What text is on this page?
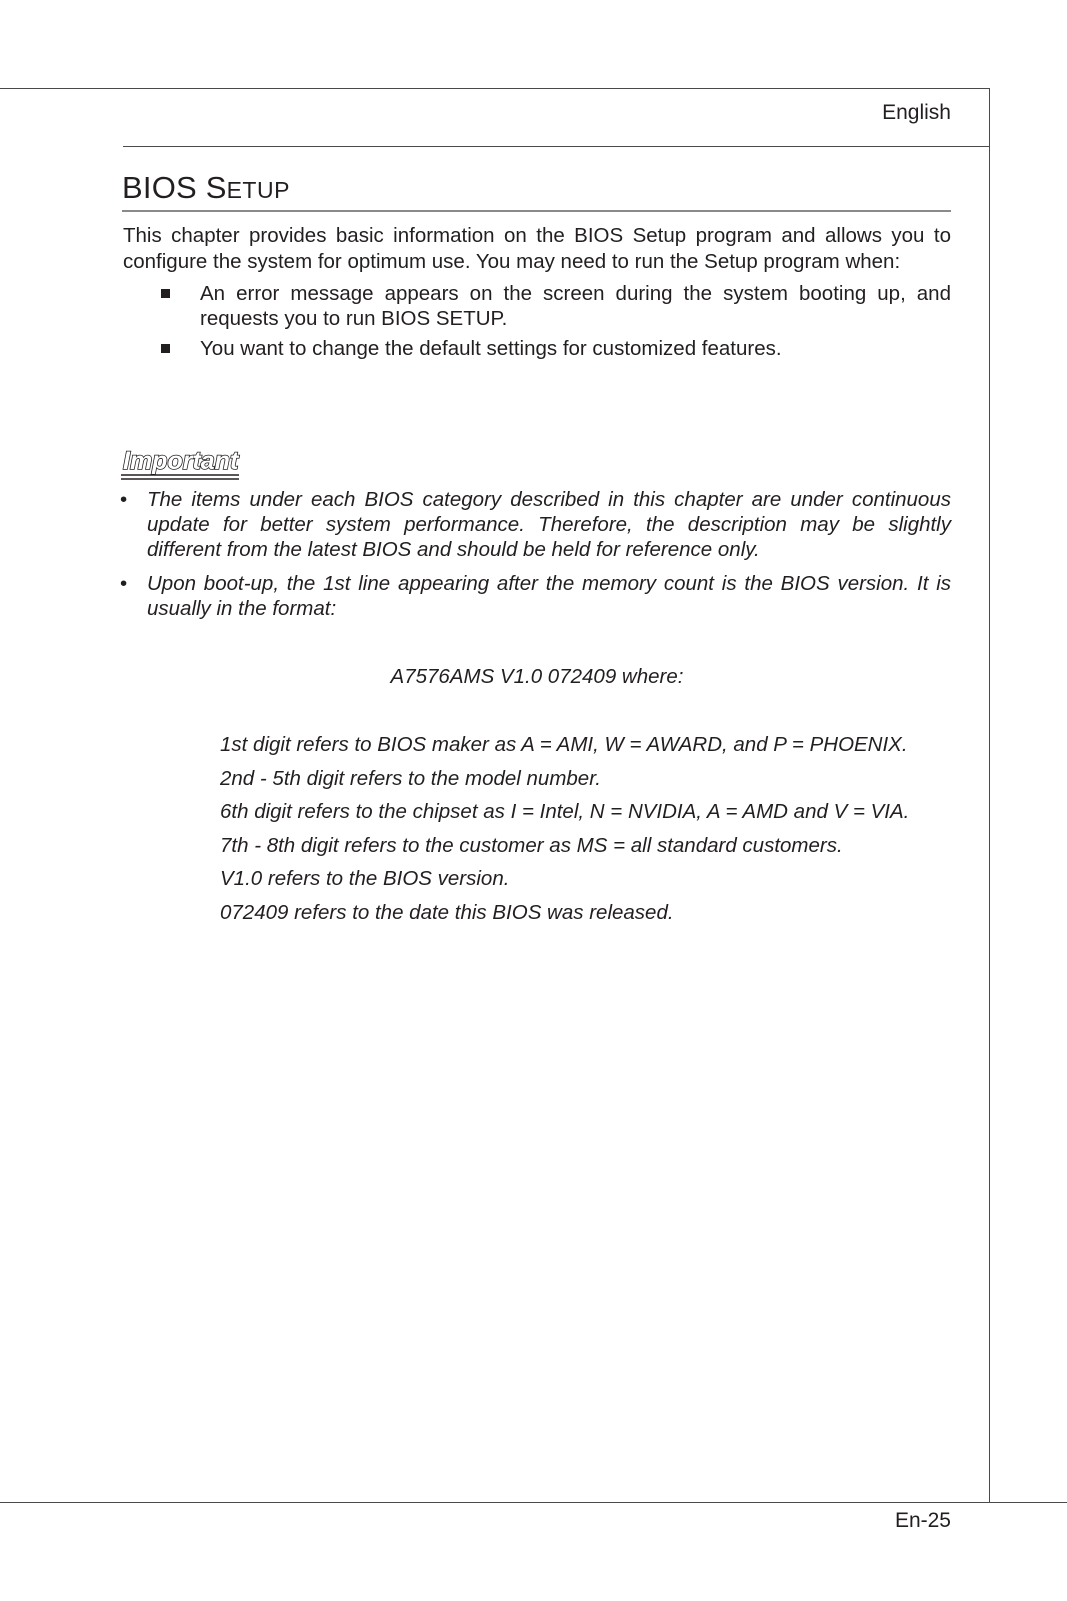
English
BIOS SETUP

This chapter provides basic information on the BIOS Setup program and allows you to configure the system for optimum use. You may need to run the Setup program when:

An error message appears on the screen during the system booting up, and requests you to run BIOS SETUP.
You want to change the default settings for customized features.
Important
• The items under each BIOS category described in this chapter are under continuous update for better system performance. Therefore, the description may be slightly different from the latest BIOS and should be held for reference only.
• Upon boot-up, the 1st line appearing after the memory count is the BIOS version. It is usually in the format:

A7576AMS V1.0 072409 where:

1st digit refers to BIOS maker as A = AMI, W = AWARD, and P = PHOENIX.
2nd - 5th digit refers to the model number.
6th digit refers to the chipset as I = Intel, N = NVIDIA, A = AMD and V = VIA.
7th - 8th digit refers to the customer as MS = all standard customers.
V1.0 refers to the BIOS version.
072409 refers to the date this BIOS was released.
En-25
